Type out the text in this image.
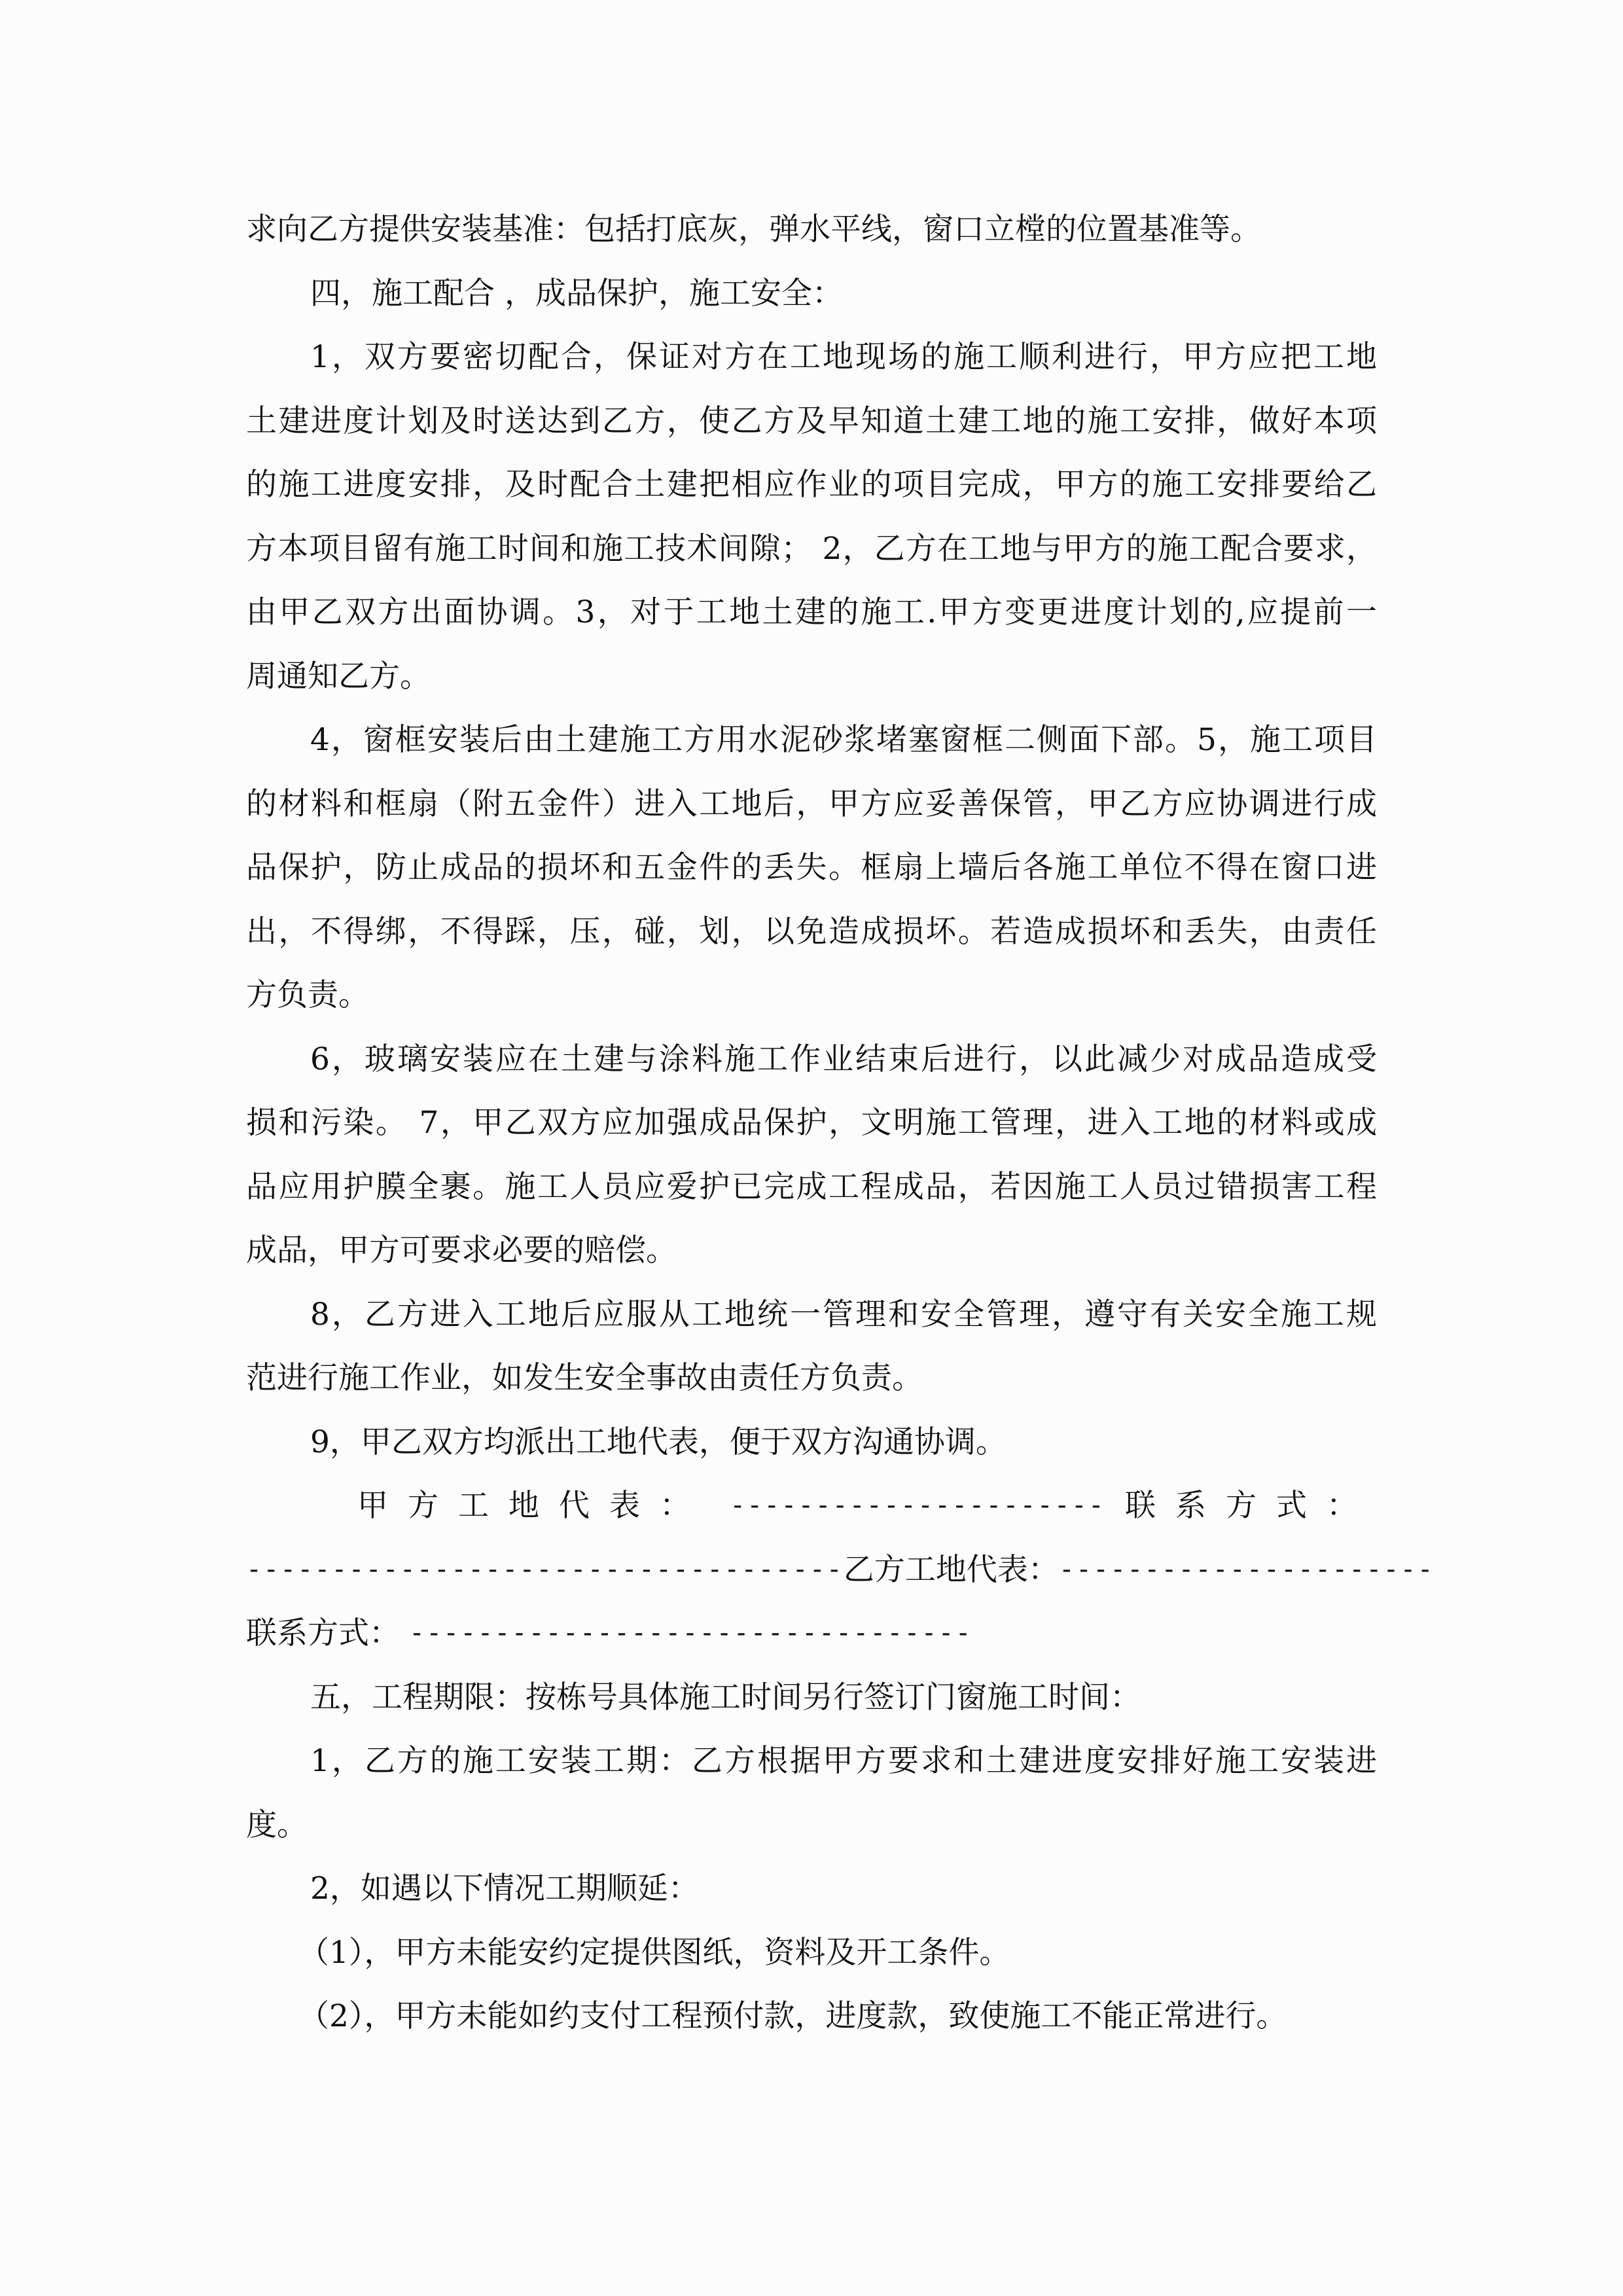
求向乙方提供安装基准：包括打底灰，弹水平线，窗口立樘的位置基准等。
四，施工配合 ，成品保护，施工安全：
1，双方要密切配合，保证对方在工地现场的施工顺利进行，甲方应把工地
土建进度计划及时送达到乙方，使乙方及早知道土建工地的施工安排，做好本项
的施工进度安排，及时配合土建把相应作业的项目完成，甲方的施工安排要给乙
方本项目留有施工时间和施工技术间隙； 2，乙方在工地与甲方的施工配合要求，
由甲乙双方出面协调。3，对于工地土建的施工.甲方变更进度计划的,应提前一
周通知乙方。
4，窗框安装后由土建施工方用水泥砂浆堵塞窗框二侧面下部。5，施工项目
的材料和框扇（附五金件）进入工地后，甲方应妥善保管，甲乙方应协调进行成
品保护，防止成品的损坏和五金件的丢失。框扇上墙后各施工单位不得在窗口进
出，不得绑，不得踩，压，碰，划，以免造成损坏。若造成损坏和丢失，由责任
方负责。
6，玻璃安装应在土建与涂料施工作业结束后进行，以此减少对成品造成受
损和污染。 7，甲乙双方应加强成品保护，文明施工管理，进入工地的材料或成
品应用护膜全裹。施工人员应爱护已完成工程成品，若因施工人员过错损害工程
成品，甲方可要求必要的赔偿。
8，乙方进入工地后应服从工地统一管理和安全管理，遵守有关安全施工规
范进行施工作业，如发生安全事故由责任方负责。
9，甲乙双方均派出工地代表，便于双方沟通协调。
甲方工地代表： ---------------------- 联系方式：
----------------------------------- 乙方工地代表： ----------------------
联系方式： ---------------------------------
五，工程期限：按栋号具体施工时间另行签订门窗施工时间：
1，乙方的施工安装工期：乙方根据甲方要求和土建进度安排好施工安装进
度。
2，如遇以下情况工期顺延：
（1），甲方未能安约定提供图纸，资料及开工条件。
（2），甲方未能如约支付工程预付款，进度款，致使施工不能正常进行。
